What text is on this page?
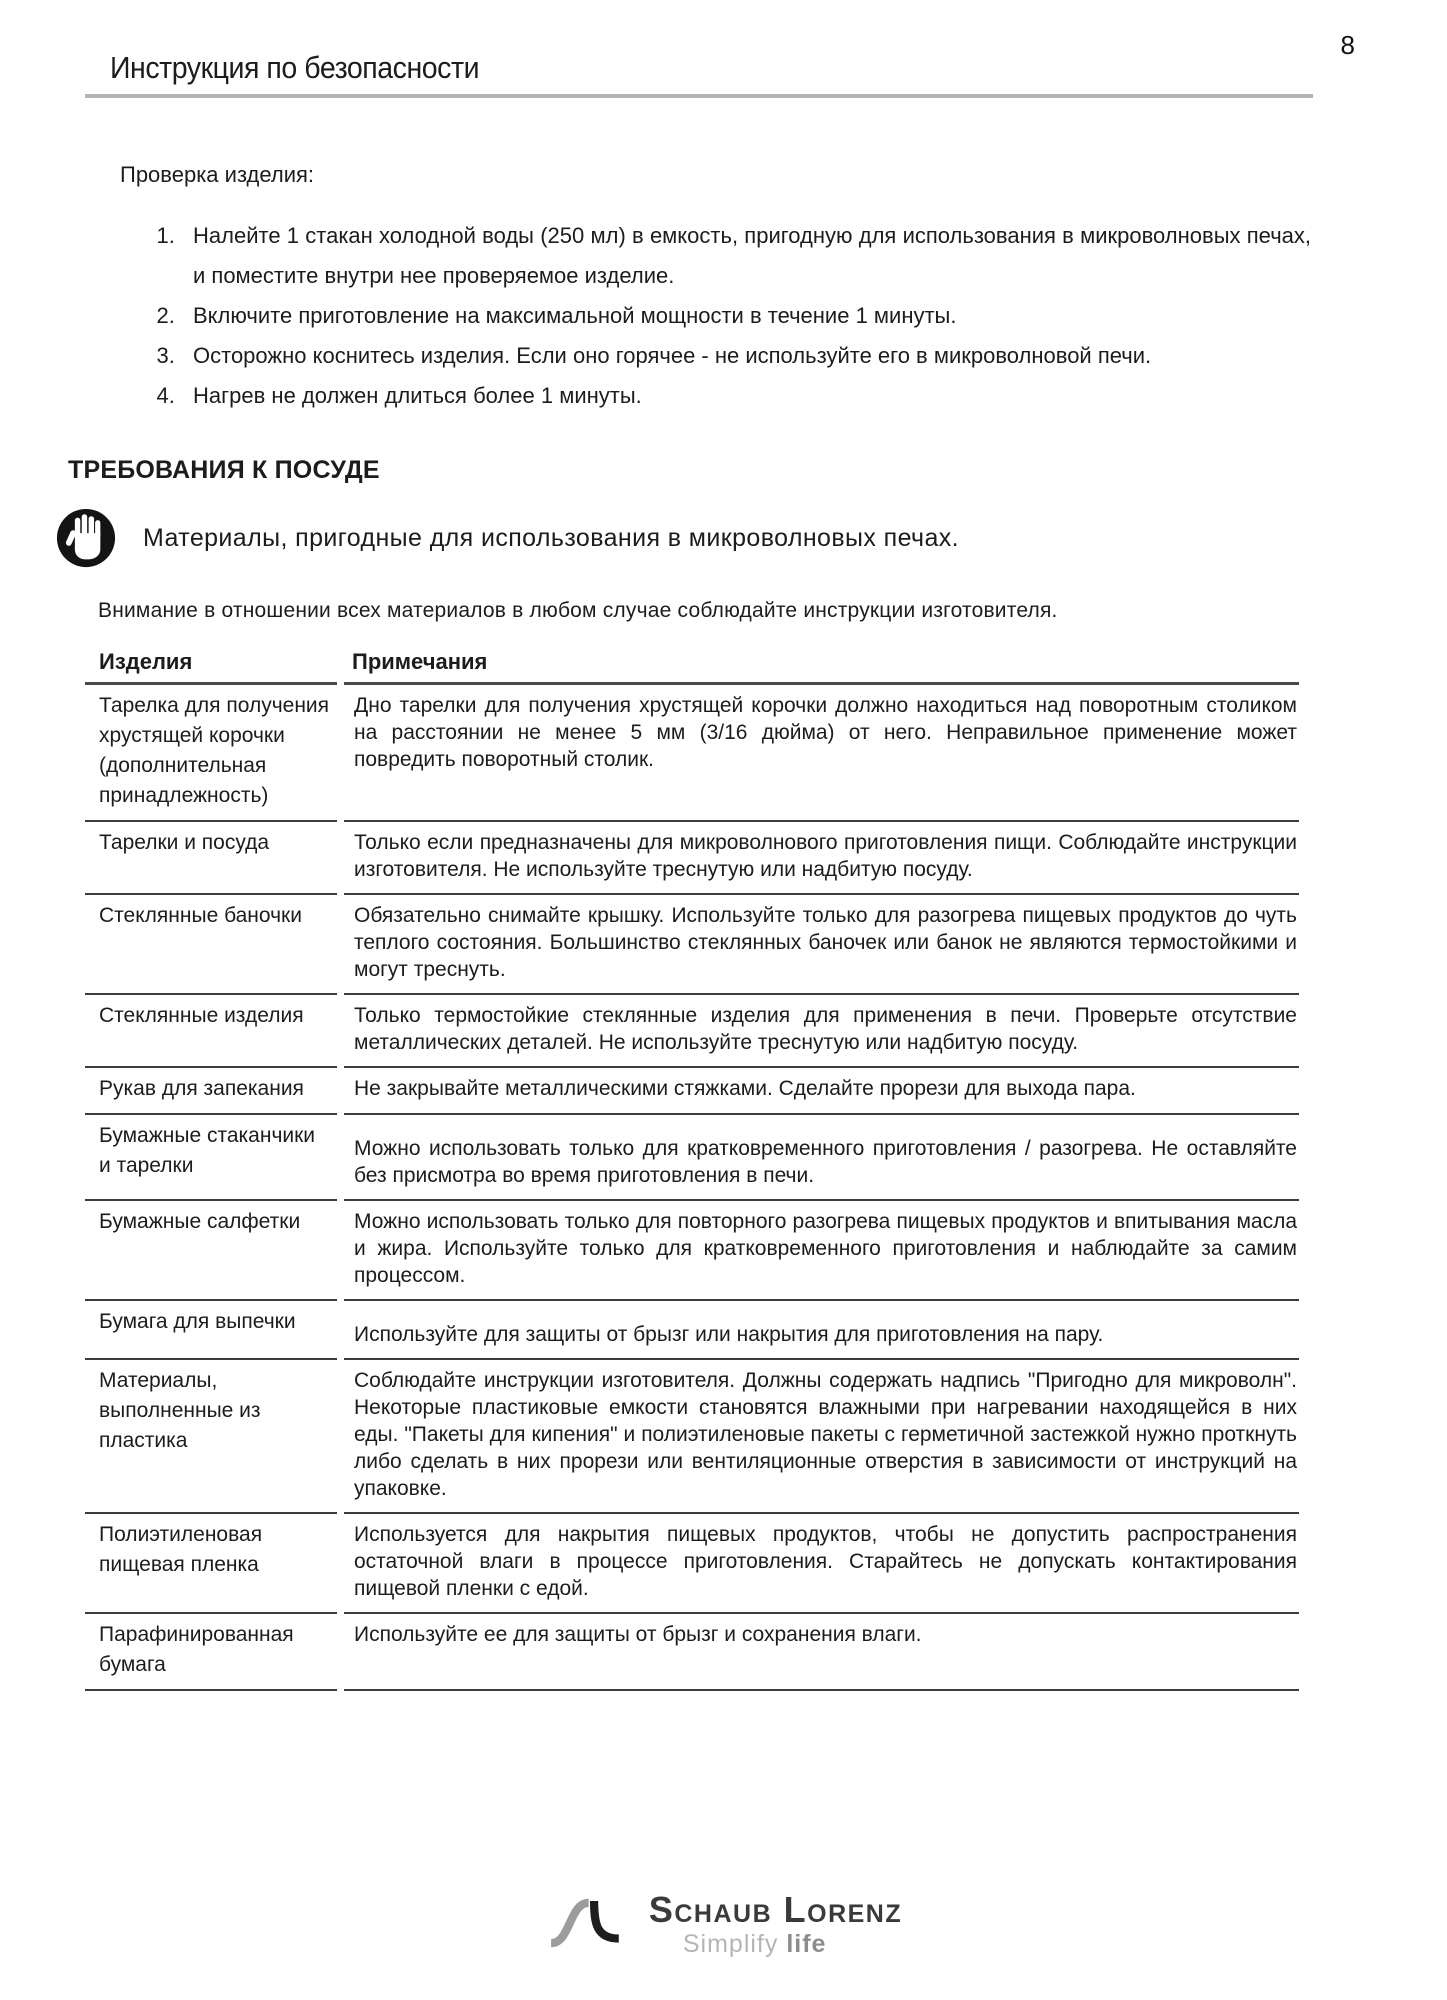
8
Инструкция по безопасности

Проверка изделия:

1. Налейте 1 стакан холодной воды (250 мл) в емкость, пригодную для использования в микроволновых печах, и поместите внутри нее проверяемое изделие.
2. Включите приготовление на максимальной мощности в течение 1 минуты.
3. Осторожно коснитесь изделия. Если оно горячее - не используйте его в микроволновой печи.
4. Нагрев не должен длиться более 1 минуты.
ТРЕБОВАНИЯ К ПОСУДЕ
Материалы, пригодные для использования в микроволновых печах.

Внимание в отношении всех материалов в любом случае соблюдайте инструкции изготовителя.

Изделия	Примечания
Тарелка для получения хрустящей корочки (дополнительная принадлежность)	Дно тарелки для получения хрустящей корочки должно находиться над поворотным столиком на расстоянии не менее 5 мм (3/16 дюйма) от него. Неправильное применение может повредить поворотный столик.
Тарелки и посуда	Только если предназначены для микроволнового приготовления пищи. Соблюдайте инструкции изготовителя. Не используйте треснутую или надбитую посуду.
Стеклянные баночки	Обязательно снимайте крышку. Используйте только для разогрева пищевых продуктов до чуть теплого состояния. Большинство стеклянных баночек или банок не являются термостойкими и могут треснуть.
Стеклянные изделия	Только термостойкие стеклянные изделия для применения в печи. Проверьте отсутствие металлических деталей. Не используйте треснутую или надбитую посуду.
Рукав для запекания	Не закрывайте металлическими стяжками. Сделайте прорези для выхода пара.
Бумажные стаканчики и тарелки	Можно использовать только для кратковременного приготовления / разогрева. Не оставляйте без присмотра во время приготовления в печи.
Бумажные салфетки	Можно использовать только для повторного разогрева пищевых продуктов и впитывания масла и жира. Используйте только для кратковременного приготовления и наблюдайте за самим процессом.
Бумага для выпечки	Используйте для защиты от брызг или накрытия для приготовления на пару.
Материалы, выполненные из пластика	Соблюдайте инструкции изготовителя. Должны содержать надпись "Пригодно для микроволн". Некоторые пластиковые емкости становятся влажными при нагревании находящейся в них еды. "Пакеты для кипения" и полиэтиленовые пакеты с герметичной застежкой нужно проткнуть либо сделать в них прорези или вентиляционные отверстия в зависимости от инструкций на упаковке.
Полиэтиленовая пищевая пленка	Используется для накрытия пищевых продуктов, чтобы не допустить распространения остаточной влаги в процессе приготовления. Старайтесь не допускать контактирования пищевой пленки с едой.
Парафинированная бумага	Используйте ее для защиты от брызг и сохранения влаги.
Schaub Lorenz
Simplify life
